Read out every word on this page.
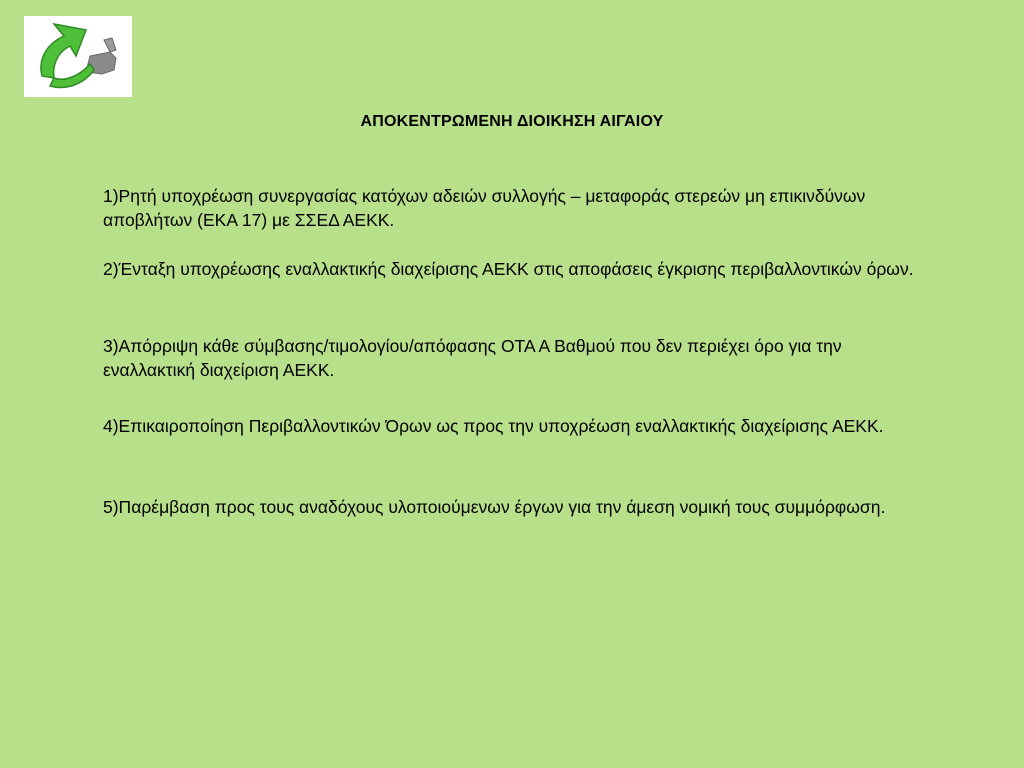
ΑΠΟΚΕΝΤΡΩΜΕΝΗ ΔΙΟΙΚΗΣΗ ΑΙΓΑΙΟΥ
1)Ρητή υποχρέωση συνεργασίας κατόχων αδειών συλλογής – μεταφοράς στερεών μη επικινδύνων αποβλήτων (ΕΚΑ 17) με ΣΣΕΔ ΑΕΚΚ.
2)Ένταξη υποχρέωσης εναλλακτικής διαχείρισης ΑΕΚΚ στις αποφάσεις έγκρισης περιβαλλοντικών όρων.
3)Απόρριψη κάθε σύμβασης/τιμολογίου/απόφασης ΟΤΑ Α Βαθμού που δεν περιέχει όρο για την εναλλακτική διαχείριση ΑΕΚΚ.
4)Επικαιροποίηση Περιβαλλοντικών Όρων ως προς την υποχρέωση εναλλακτικής διαχείρισης ΑΕΚΚ.
5)Παρέμβαση προς τους αναδόχους υλοποιούμενων έργων για την άμεση νομική τους συμμόρφωση.
